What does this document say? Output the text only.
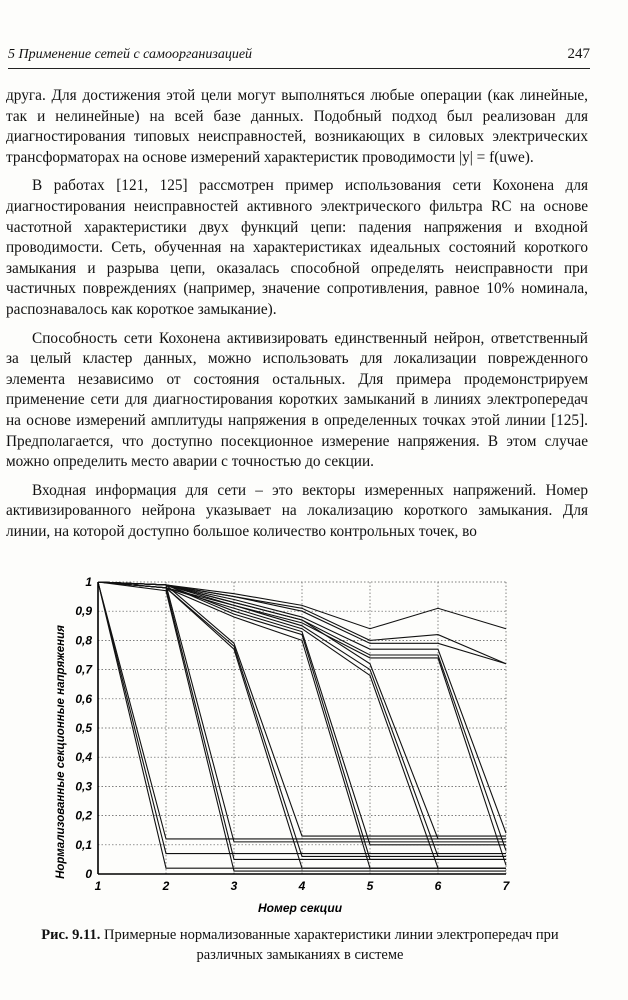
5 Применение сетей с самоорганизацией	247

друга. Для достижения этой цели могут выполняться любые операции (как линейные, так и нелинейные) на всей базе данных. Подобный подход был реализован для диагностирования типовых неисправностей, возникающих в силовых электрических трансформаторах на основе измерений характеристик проводимости |y| = f(uwe).

В работах [121, 125] рассмотрен пример использования сети Кохонена для диагностирования неисправностей активного электрического фильтра RC на основе частотной характеристики двух функций цепи: падения напряжения и входной проводимости. Сеть, обученная на характеристиках идеальных состояний короткого замыкания и разрыва цепи, оказалась способной определять неисправности при частичных повреждениях (например, значение сопротивления, равное 10% номинала, распознавалось как короткое замыкание).

Способность сети Кохонена активизировать единственный нейрон, ответственный за целый кластер данных, можно использовать для локализации поврежденного элемента независимо от состояния остальных. Для примера продемонстрируем применение сети для диагностирования коротких замыканий в линиях электропередач на основе измерений амплитуды напряжения в определенных точках этой линии [125]. Предполагается, что доступно посекционное измерение напряжения. В этом случае можно определить место аварии с точностью до секции.

Входная информация для сети – это векторы измеренных напряжений. Номер активизированного нейрона указывает на локализацию короткого замыкания. Для линии, на которой доступно большое количество контрольных точек, во

0
0,1
0,2
0,3
0,4
0,5
0,6
0,7
0,8
0,9
1
1	2	3	4	5	6	7
Нормализованные секционные напряжения
Номер секции
Рис. 9.11. Примерные нормализованные характеристики линии электропередач при различных замыканиях в системе
